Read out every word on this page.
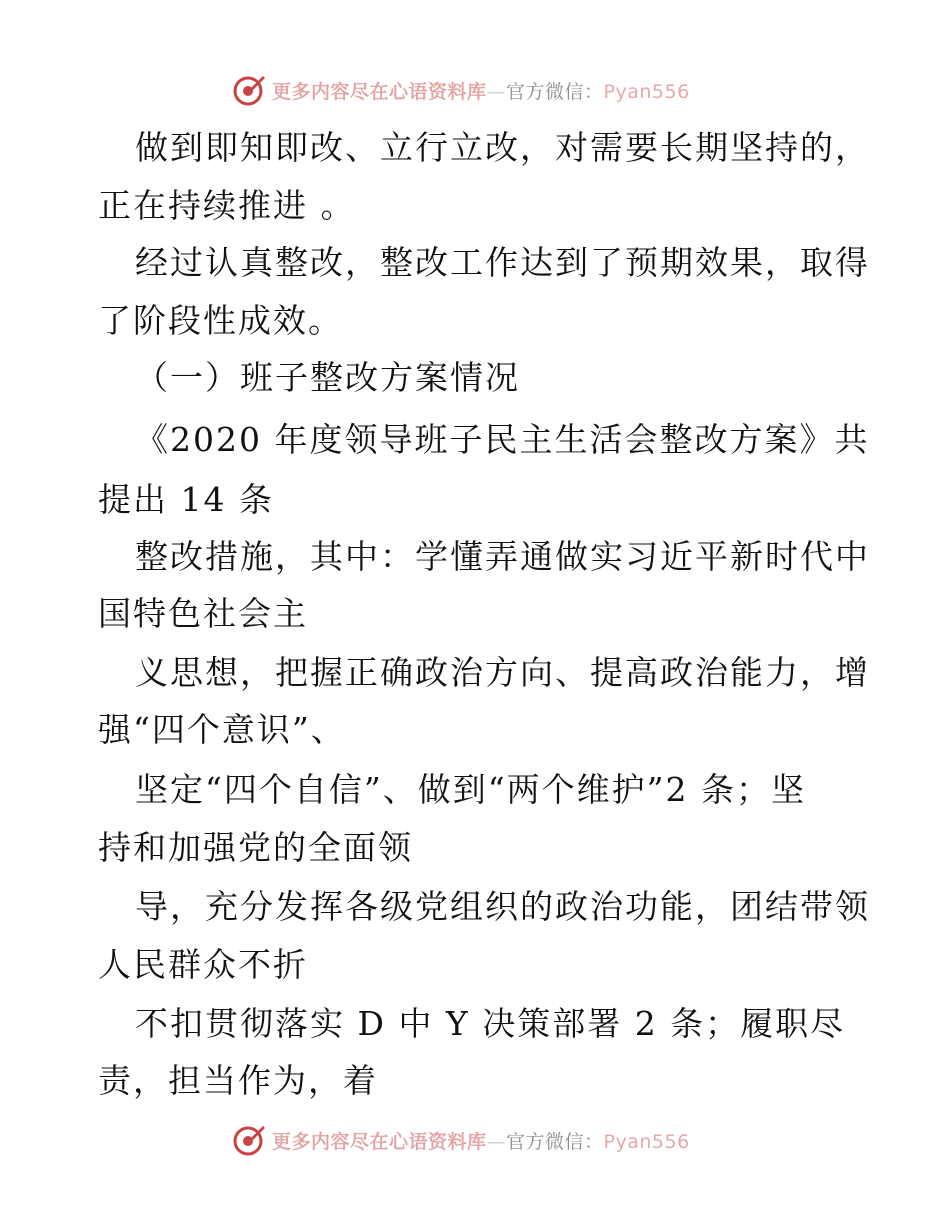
更多内容尽在心语资料库—官方微信：Pyan556
做到即知即改、立行立改，对需要长期坚持的，
正在持续推进 。
经过认真整改，整改工作达到了预期效果，取得
了阶段性成效。
（一）班子整改方案情况
《2020 年度领导班子民主生活会整改方案》共
提出 14 条
整改措施，其中：学懂弄通做实习近平新时代中
国特色社会主
义思想，把握正确政治方向、提高政治能力，增
强“四个意识”、
坚定“四个自信”、做到“两个维护”2 条；坚
持和加强党的全面领
导，充分发挥各级党组织的政治功能，团结带领
人民群众不折
不扣贯彻落实 D 中 Y 决策部署 2 条；履职尽
责，担当作为，着
更多内容尽在心语资料库—官方微信：Pyan556
